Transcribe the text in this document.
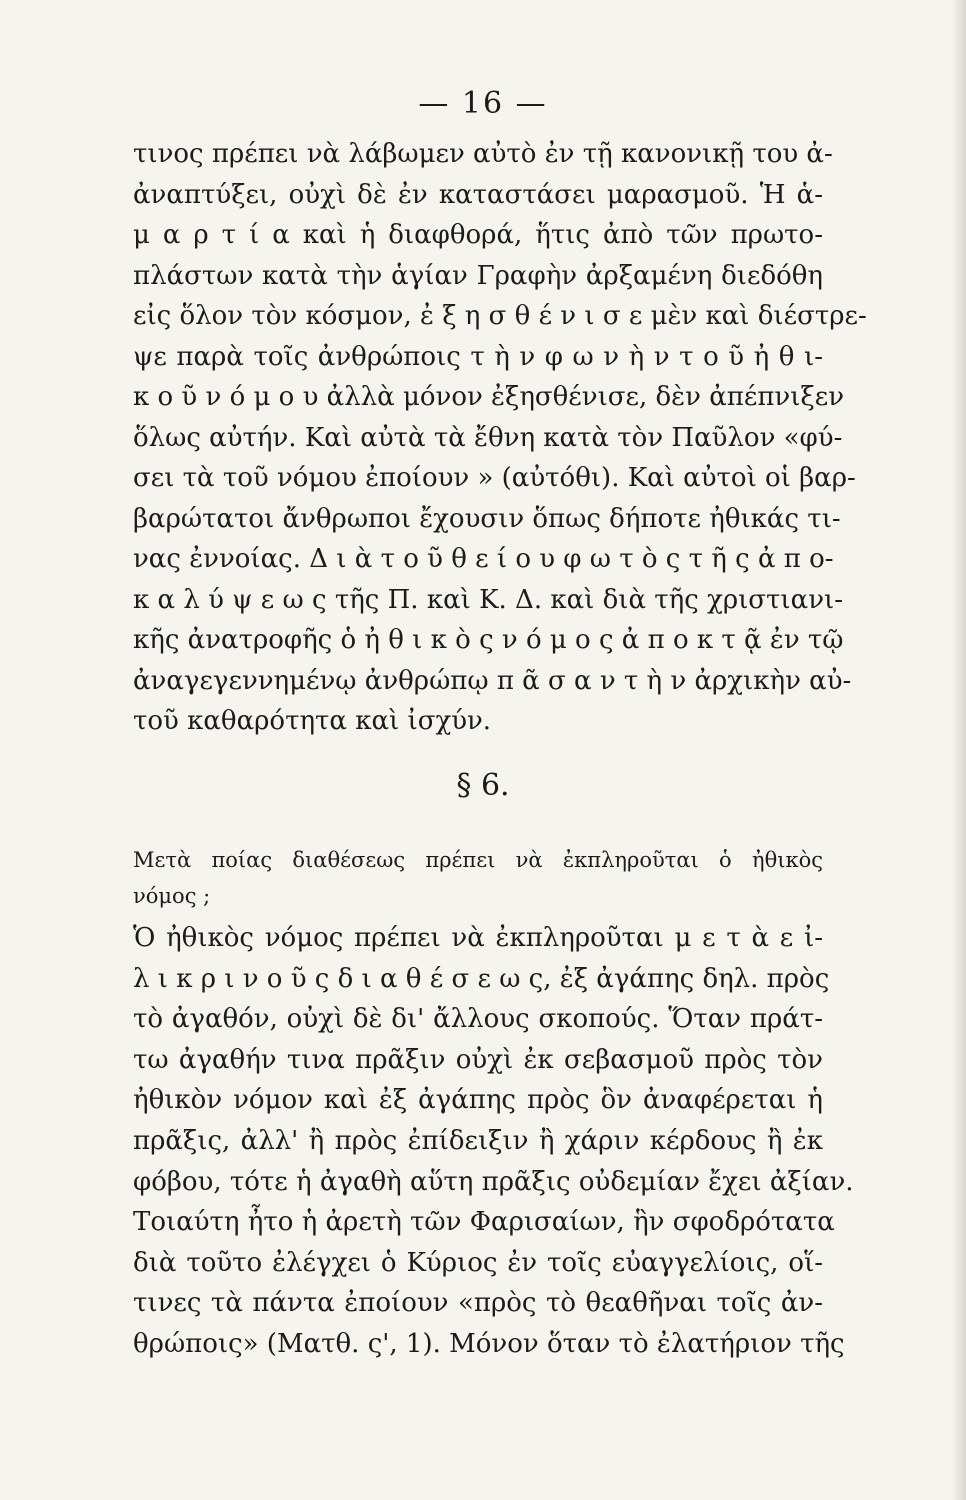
— 16 —
τινος πρέπει νὰ λάβωμεν αὐτὸ ἐν τῇ κανονικῇ του ἀ-
ἀναπτύξει, οὐχὶ δὲ ἐν καταστάσει μαρασμοῦ. Ἡ ἁ-
μ α ρ τ ί α καὶ ἡ διαφθορά, ἥτις ἀπὸ τῶν πρωτο-
πλάστων κατὰ τὴν ἁγίαν Γραφὴν ἀρξαμένη διεδόθη
εἰς ὅλον τὸν κόσμον, ἐ ξ η σ θ έ ν ι σ ε μὲν καὶ διέστρε-
ψε παρὰ τοῖς ἀνθρώποις τ ὴ ν φ ω ν ὴ ν τ ο ῦ ἠ θ ι-
κ ο ῦ ν ό μ ο υ ἀλλὰ μόνον ἐξησθένισε, δὲν ἀπέπνιξεν
ὅλως αὐτήν. Καὶ αὐτὰ τὰ ἔθνη κατὰ τὸν Παῦλον «φύ-
σει τὰ τοῦ νόμου ἐποίουν » (αὐτόθι). Καὶ αὐτοὶ οἱ βαρ-
βαρώτατοι ἄνθρωποι ἔχουσιν ὅπως δήποτε ἠθικάς τι-
νας ἐννοίας. Δ ι ὰ τ ο ῦ θ ε ί ο υ φ ω τ ὸ ς τ ῆ ς ἀ π ο-
κ α λ ύ ψ ε ω ς τῆς Π. καὶ Κ. Δ. καὶ διὰ τῆς χριστιανι-
κῆς ἀνατροφῆς ὁ ἠ θ ι κ ὸ ς ν ό μ ο ς ἀ π ο κ τ ᾷ ἐν τῷ
ἀναγεγεννημένῳ ἀνθρώπῳ π ᾶ σ α ν τ ὴ ν ἀρχικὴν αὐ-
τοῦ καθαρότητα καὶ ἰσχύν.
§ 6.
Μετὰ ποίας διαθέσεως πρέπει νὰ ἐκπληροῦται ὁ ἠθικὸς
νόμος ;
Ὁ ἠθικὸς νόμος πρέπει νὰ ἐκπληροῦται μ ε τ ὰ ε ἰ-
λ ι κ ρ ι ν ο ῦ ς δ ι α θ έ σ ε ω ς, ἐξ ἀγάπης δηλ. πρὸς
τὸ ἀγαθόν, οὐχὶ δὲ δι' ἄλλους σκοπούς. Ὅταν πράτ-
τω ἀγαθήν τινα πρᾶξιν οὐχὶ ἐκ σεβασμοῦ πρὸς τὸν
ἠθικὸν νόμον καὶ ἐξ ἀγάπης πρὸς ὃν ἀναφέρεται ἡ
πρᾶξις, ἀλλ' ἢ πρὸς ἐπίδειξιν ἢ χάριν κέρδους ἢ ἐκ
φόβου, τότε ἡ ἀγαθὴ αὕτη πρᾶξις οὐδεμίαν ἔχει ἀξίαν.
Τοιαύτη ἦτο ἡ ἀρετὴ τῶν Φαρισαίων, ἣν σφοδρότατα
διὰ τοῦτο ἐλέγχει ὁ Κύριος ἐν τοῖς εὐαγγελίοις, οἵ-
τινες τὰ πάντα ἐποίουν «πρὸς τὸ θεαθῆναι τοῖς ἀν-
θρώποις» (Ματθ. ς', 1). Μόνον ὅταν τὸ ἐλατήριον τῆς
